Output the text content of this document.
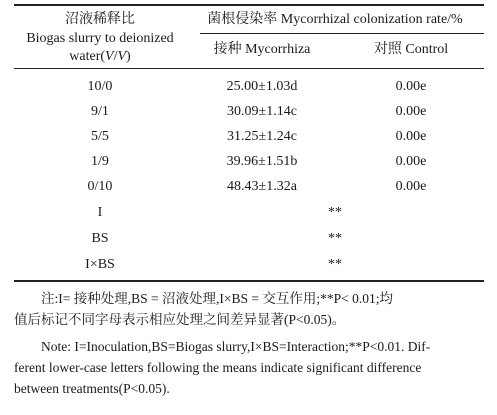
沼液稀释比
Biogas slurry to deionized
water(V/V)
菌根侵染率 Mycorrhizal colonization rate/%
接种 Mycorrhiza	对照 Control
10/0	25.00±1.03d	0.00e
9/1	30.09±1.14c	0.00e
5/5	31.25±1.24c	0.00e
1/9	39.96±1.51b	0.00e
0/10	48.43±1.32a	0.00e
I	**
BS	**
I×BS	**

注:I= 接种处理,BS = 沼液处理,I×BS = 交互作用;**P< 0.01;均

值后标记不同字母表示相应处理之间差异显著(P<0.05)。

Note: I=Inoculation,BS=Biogas slurry,I×BS=Interaction;**P<0.01. Dif-

ferent lower-case letters following the means indicate significant difference

between treatments(P<0.05).
